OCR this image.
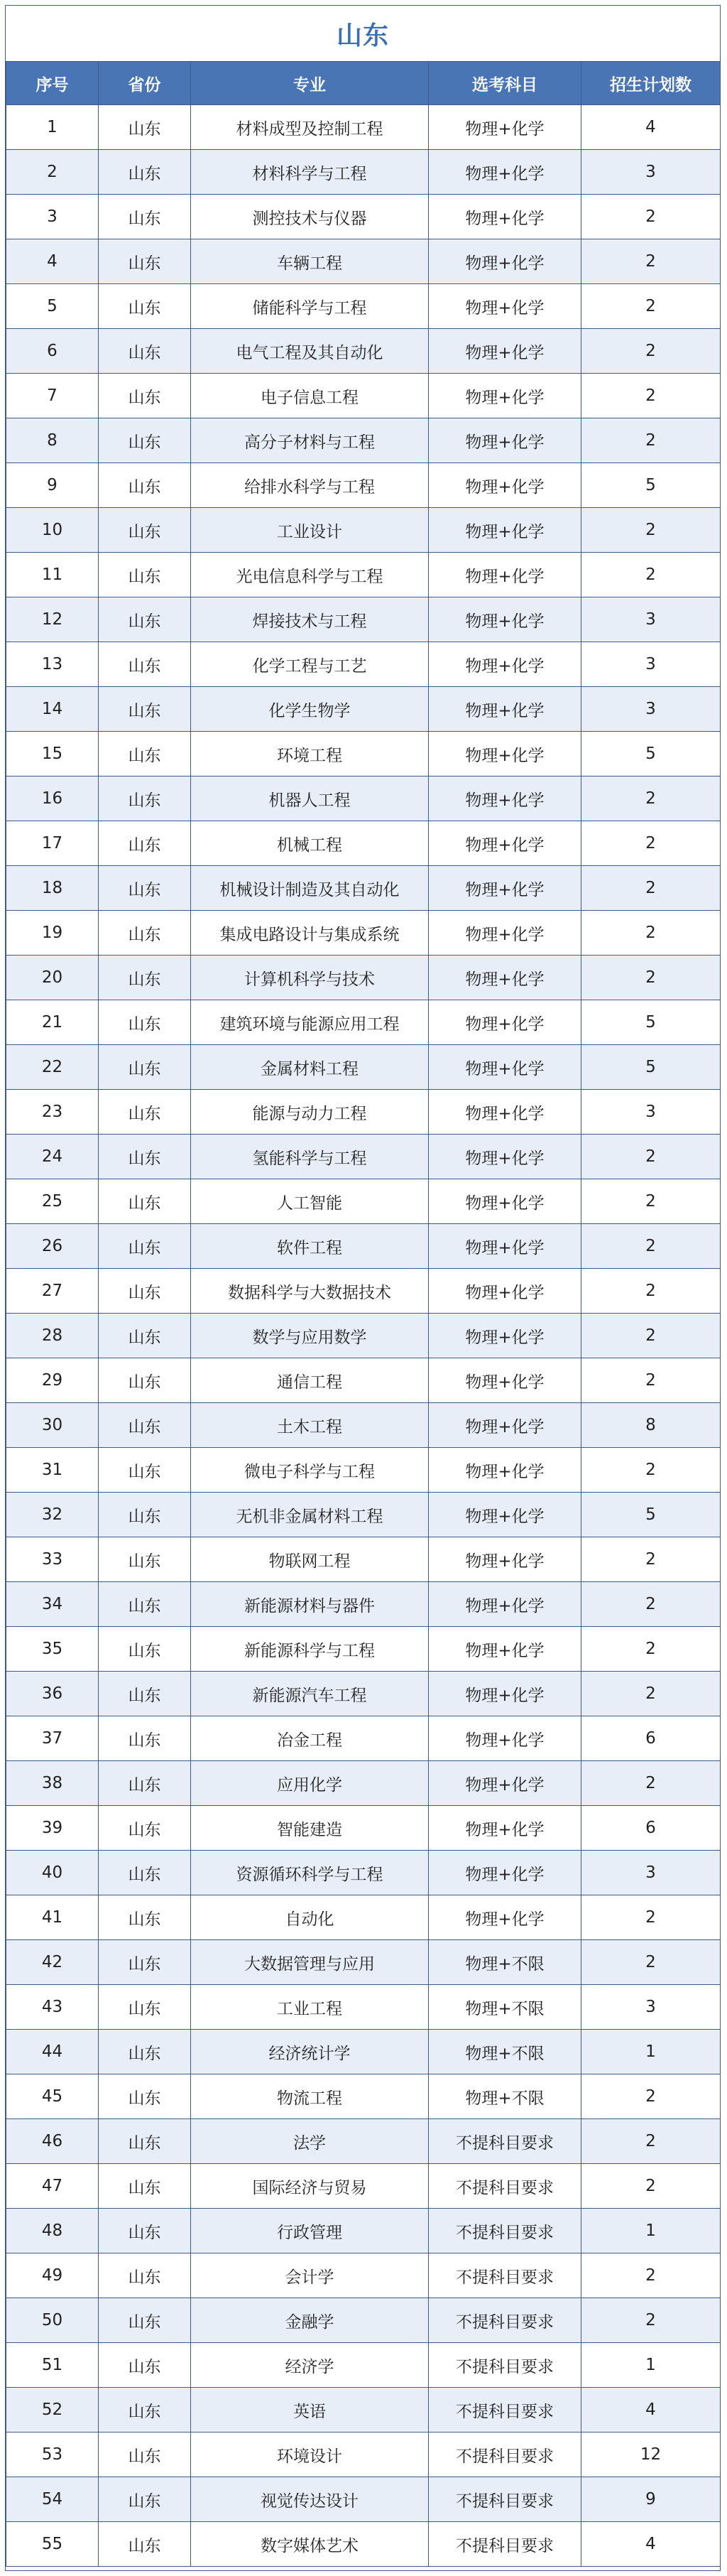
山东
序号	省份	专业	选考科目	招生计划数
1	山东	材料成型及控制工程	物理+化学	4
2	山东	材料科学与工程	物理+化学	3
3	山东	测控技术与仪器	物理+化学	2
4	山东	车辆工程	物理+化学	2
5	山东	储能科学与工程	物理+化学	2
6	山东	电气工程及其自动化	物理+化学	2
7	山东	电子信息工程	物理+化学	2
8	山东	高分子材料与工程	物理+化学	2
9	山东	给排水科学与工程	物理+化学	5
10	山东	工业设计	物理+化学	2
11	山东	光电信息科学与工程	物理+化学	2
12	山东	焊接技术与工程	物理+化学	3
13	山东	化学工程与工艺	物理+化学	3
14	山东	化学生物学	物理+化学	3
15	山东	环境工程	物理+化学	5
16	山东	机器人工程	物理+化学	2
17	山东	机械工程	物理+化学	2
18	山东	机械设计制造及其自动化	物理+化学	2
19	山东	集成电路设计与集成系统	物理+化学	2
20	山东	计算机科学与技术	物理+化学	2
21	山东	建筑环境与能源应用工程	物理+化学	5
22	山东	金属材料工程	物理+化学	5
23	山东	能源与动力工程	物理+化学	3
24	山东	氢能科学与工程	物理+化学	2
25	山东	人工智能	物理+化学	2
26	山东	软件工程	物理+化学	2
27	山东	数据科学与大数据技术	物理+化学	2
28	山东	数学与应用数学	物理+化学	2
29	山东	通信工程	物理+化学	2
30	山东	土木工程	物理+化学	8
31	山东	微电子科学与工程	物理+化学	2
32	山东	无机非金属材料工程	物理+化学	5
33	山东	物联网工程	物理+化学	2
34	山东	新能源材料与器件	物理+化学	2
35	山东	新能源科学与工程	物理+化学	2
36	山东	新能源汽车工程	物理+化学	2
37	山东	冶金工程	物理+化学	6
38	山东	应用化学	物理+化学	2
39	山东	智能建造	物理+化学	6
40	山东	资源循环科学与工程	物理+化学	3
41	山东	自动化	物理+化学	2
42	山东	大数据管理与应用	物理+不限	2
43	山东	工业工程	物理+不限	3
44	山东	经济统计学	物理+不限	1
45	山东	物流工程	物理+不限	2
46	山东	法学	不提科目要求	2
47	山东	国际经济与贸易	不提科目要求	2
48	山东	行政管理	不提科目要求	1
49	山东	会计学	不提科目要求	2
50	山东	金融学	不提科目要求	2
51	山东	经济学	不提科目要求	1
52	山东	英语	不提科目要求	4
53	山东	环境设计	不提科目要求	12
54	山东	视觉传达设计	不提科目要求	9
55	山东	数字媒体艺术	不提科目要求	4
